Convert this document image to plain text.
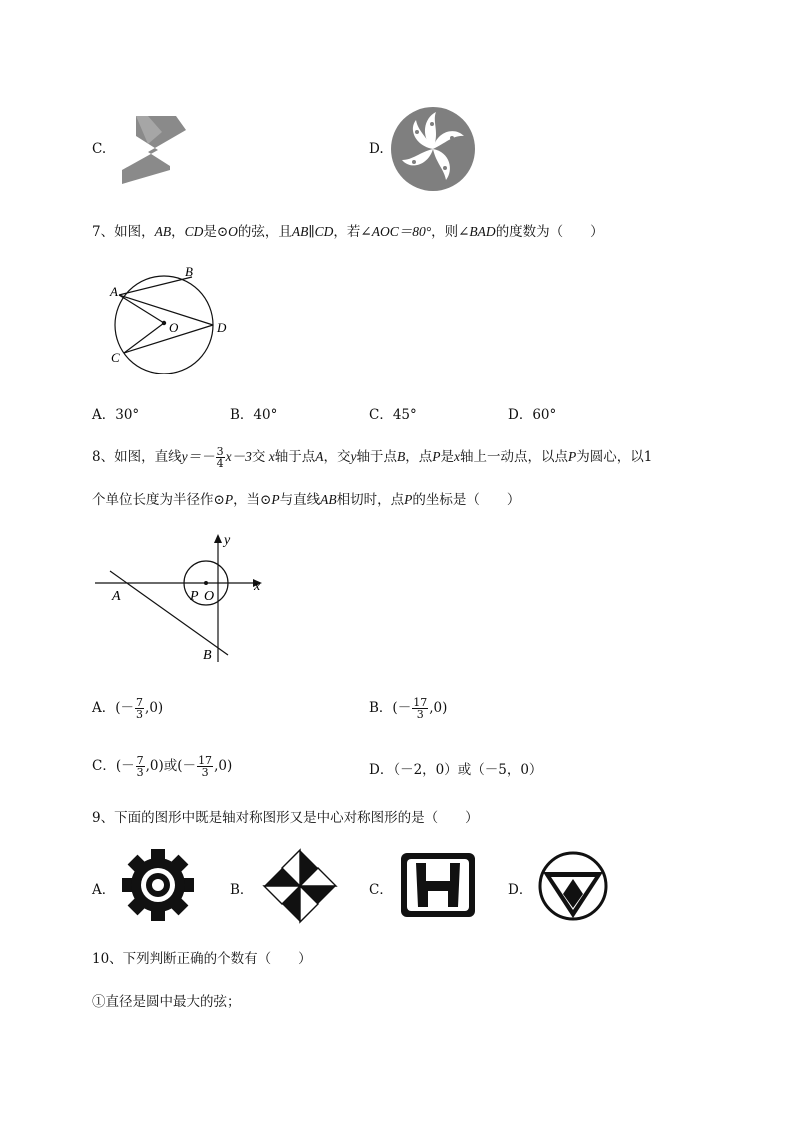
C.	D.
7、如图，AB，CD是⊙O的弦，且AB∥CD，若∠AOC＝80°，则∠BAD的度数为（　　）
A
B
C
D
O
A．30°	B．40°	C．45°	D．60°
8、如图，直线$y=- \frac{3}{4} x-3$交 x轴于点A，交y轴于点B，点P是x轴上一动点，以点P为圆心，以1
个单位长度为半径作⊙P，当⊙P与直线AB相切时，点P的坐标是（　　）
y
x
A	P O
B
A．(－ $\frac{7}{3} ,0$)	B．(－ $\frac{17}{3} ,0$)
C．(－ $\frac{7}{3} ,0$)或(－ $\frac{17}{3} ,0$)	D．（－2，0）或（－5，0）
9、下面的图形中既是轴对称图形又是中心对称图形的是（　　）
A．	B．	C．	D．
10、下列判断正确的个数有（　　）
①直径是圆中最大的弦；
